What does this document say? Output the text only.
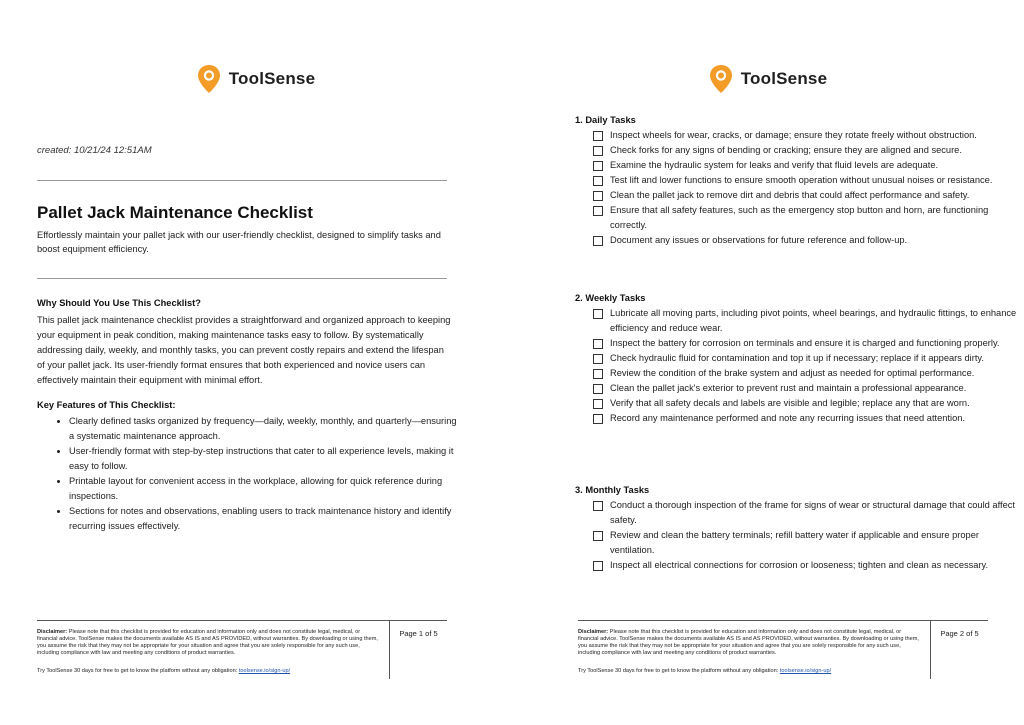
ToolSense
created: 10/21/24 12:51AM
Pallet Jack Maintenance Checklist
Effortlessly maintain your pallet jack with our user-friendly checklist, designed to simplify tasks and boost equipment efficiency.
Why Should You Use This Checklist?
This pallet jack maintenance checklist provides a straightforward and organized approach to keeping your equipment in peak condition, making maintenance tasks easy to follow. By systematically addressing daily, weekly, and monthly tasks, you can prevent costly repairs and extend the lifespan of your pallet jack. Its user-friendly format ensures that both experienced and novice users can effectively maintain their equipment with minimal effort.
Key Features of This Checklist:
• Clearly defined tasks organized by frequency—daily, weekly, monthly, and quarterly—ensuring a systematic maintenance approach.
• User-friendly format with step-by-step instructions that cater to all experience levels, making it easy to follow.
• Printable layout for convenient access in the workplace, allowing for quick reference during inspections.
• Sections for notes and observations, enabling users to track maintenance history and identify recurring issues effectively.
Disclaimer: Please note that this checklist is provided for education and information only and does not constitute legal, medical, or financial advice. ToolSense makes the documents available AS IS and AS PROVIDED, without warranties. By downloading or using them, you assume the risk that they may not be appropriate for your situation and agree that you are solely responsible for any such use, including compliance with law and meeting any conditions of product warranties.
Try ToolSense 30 days for free to get to know the platform without any obligation: toolsense.io/sign-up/
Page 1 of 5
ToolSense
1. Daily Tasks
Inspect wheels for wear, cracks, or damage; ensure they rotate freely without obstruction.
Check forks for any signs of bending or cracking; ensure they are aligned and secure.
Examine the hydraulic system for leaks and verify that fluid levels are adequate.
Test lift and lower functions to ensure smooth operation without unusual noises or resistance.
Clean the pallet jack to remove dirt and debris that could affect performance and safety.
Ensure that all safety features, such as the emergency stop button and horn, are functioning correctly.
Document any issues or observations for future reference and follow-up.
2. Weekly Tasks
Lubricate all moving parts, including pivot points, wheel bearings, and hydraulic fittings, to enhance efficiency and reduce wear.
Inspect the battery for corrosion on terminals and ensure it is charged and functioning properly.
Check hydraulic fluid for contamination and top it up if necessary; replace if it appears dirty.
Review the condition of the brake system and adjust as needed for optimal performance.
Clean the pallet jack's exterior to prevent rust and maintain a professional appearance.
Verify that all safety decals and labels are visible and legible; replace any that are worn.
Record any maintenance performed and note any recurring issues that need attention.
3. Monthly Tasks
Conduct a thorough inspection of the frame for signs of wear or structural damage that could affect safety.
Review and clean the battery terminals; refill battery water if applicable and ensure proper ventilation.
Inspect all electrical connections for corrosion or looseness; tighten and clean as necessary.
Disclaimer: Please note that this checklist is provided for education and information only and does not constitute legal, medical, or financial advice. ToolSense makes the documents available AS IS and AS PROVIDED, without warranties. By downloading or using them, you assume the risk that they may not be appropriate for your situation and agree that you are solely responsible for any such use, including compliance with law and meeting any conditions of product warranties.
Try ToolSense 30 days for free to get to know the platform without any obligation: toolsense.io/sign-up/
Page 2 of 5
